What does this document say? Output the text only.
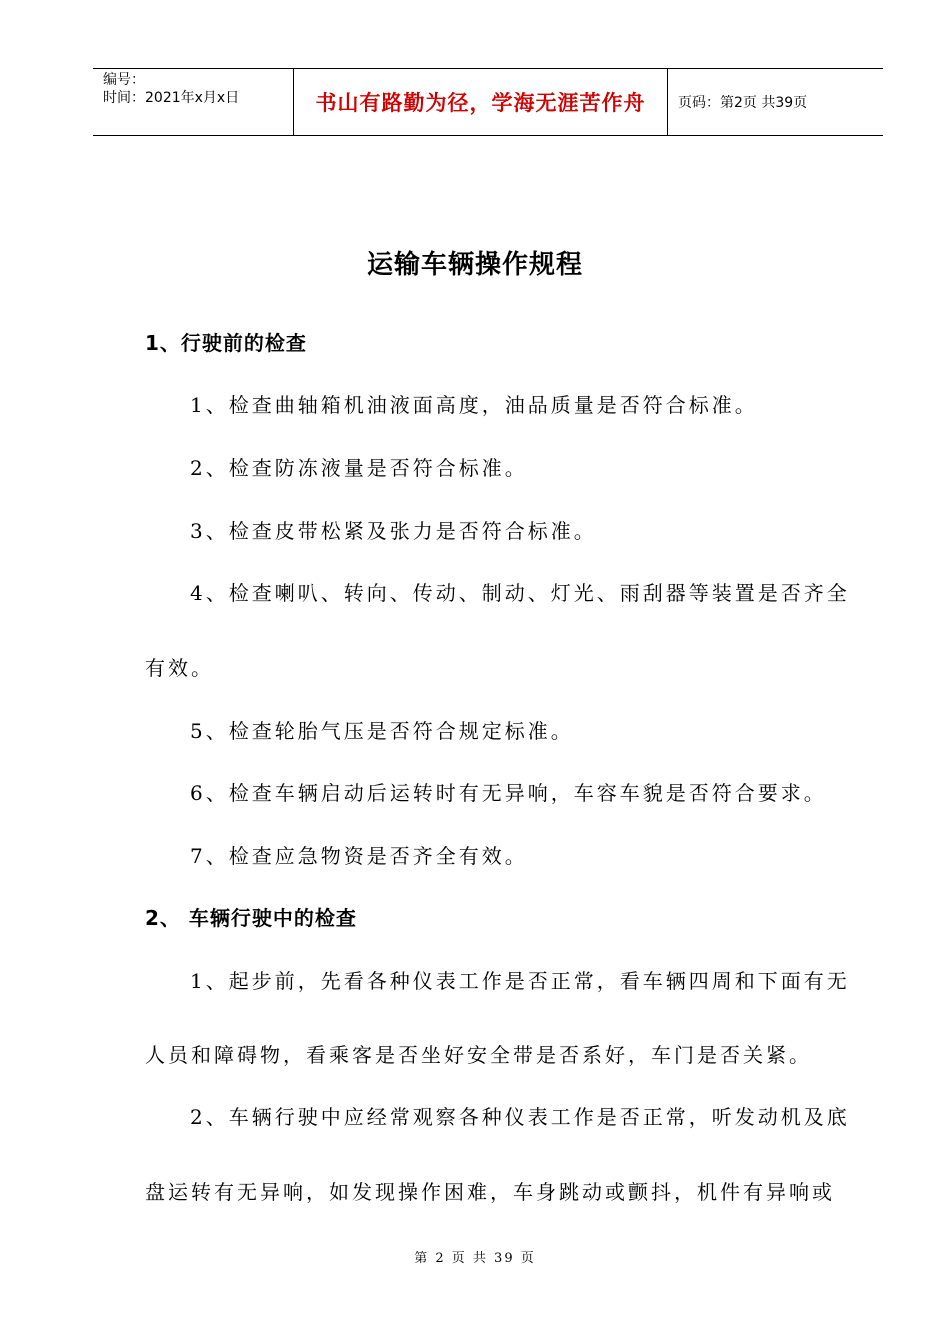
编号：
时间：2021年x月x日	书山有路勤为径，学海无涯苦作舟	页码：第2页 共39页
运输车辆操作规程
1、行驶前的检查
1、检查曲轴箱机油液面高度，油品质量是否符合标准。
2、检查防冻液量是否符合标准。
3、检查皮带松紧及张力是否符合标准。
4、检查喇叭、转向、传动、制动、灯光、雨刮器等装置是否齐全
有效。
5、检查轮胎气压是否符合规定标准。
6、检查车辆启动后运转时有无异响，车容车貌是否符合要求。
7、检查应急物资是否齐全有效。
2、 车辆行驶中的检查
1、起步前，先看各种仪表工作是否正常，看车辆四周和下面有无
人员和障碍物，看乘客是否坐好安全带是否系好，车门是否关紧。
2、车辆行驶中应经常观察各种仪表工作是否正常，听发动机及底
盘运转有无异响，如发现操作困难，车身跳动或颤抖，机件有异响或
第 2 页 共 39 页
